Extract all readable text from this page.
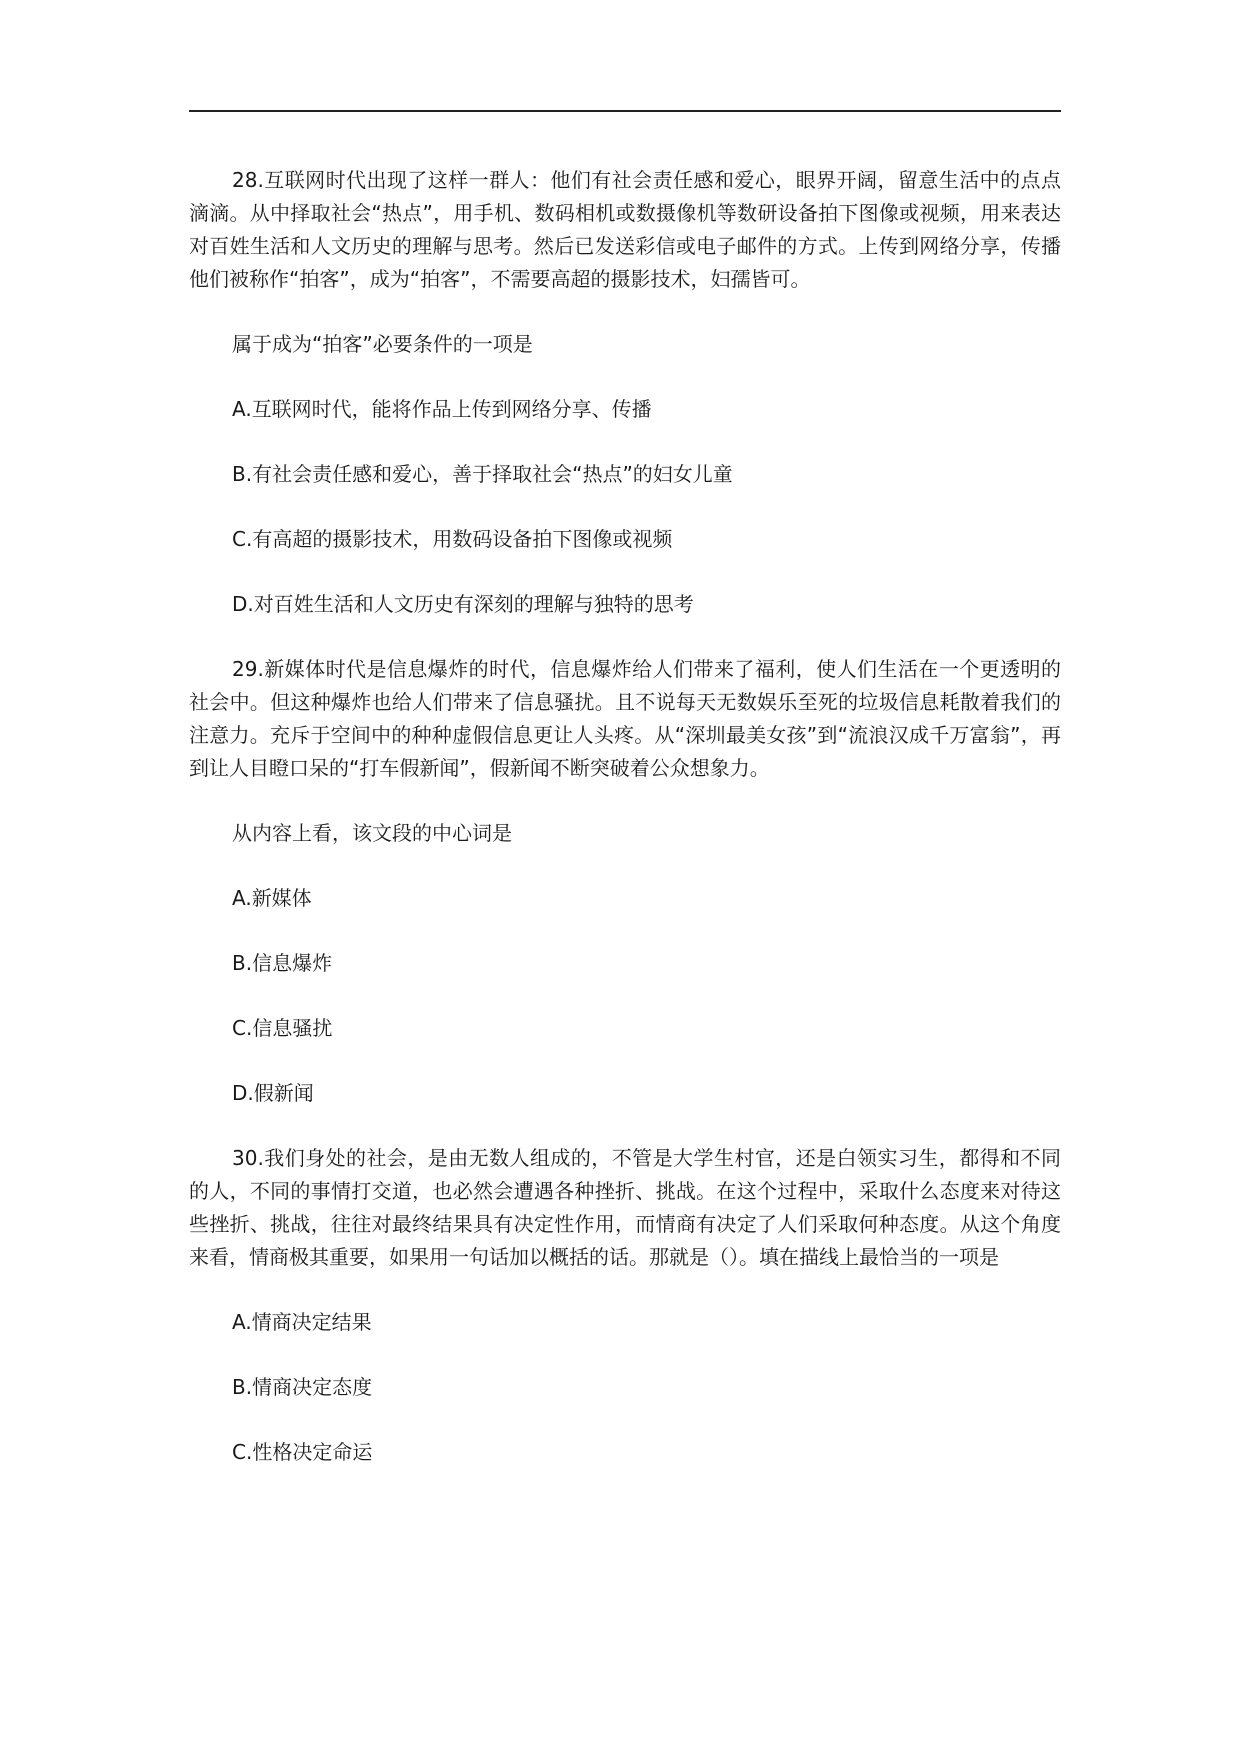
28.互联网时代出现了这样一群人：他们有社会责任感和爱心，眼界开阔，留意生活中的点点滴滴。从中择取社会“热点”，用手机、数码相机或数摄像机等数研设备拍下图像或视频，用来表达对百姓生活和人文历史的理解与思考。然后已发送彩信或电子邮件的方式。上传到网络分享，传播他们被称作“拍客”，成为“拍客”，不需要高超的摄影技术，妇孺皆可。

属于成为“拍客”必要条件的一项是

A.互联网时代，能将作品上传到网络分享、传播

B.有社会责任感和爱心，善于择取社会“热点”的妇女儿童

C.有高超的摄影技术，用数码设备拍下图像或视频

D.对百姓生活和人文历史有深刻的理解与独特的思考

29.新媒体时代是信息爆炸的时代，信息爆炸给人们带来了福利，使人们生活在一个更透明的社会中。但这种爆炸也给人们带来了信息骚扰。且不说每天无数娱乐至死的垃圾信息耗散着我们的注意力。充斥于空间中的种种虚假信息更让人头疼。从“深圳最美女孩”到“流浪汉成千万富翁”，再到让人目瞪口呆的“打车假新闻”，假新闻不断突破着公众想象力。

从内容上看，该文段的中心词是

A.新媒体

B.信息爆炸

C.信息骚扰

D.假新闻

30.我们身处的社会，是由无数人组成的，不管是大学生村官，还是白领实习生，都得和不同的人，不同的事情打交道，也必然会遭遇各种挫折、挑战。在这个过程中，采取什么态度来对待这些挫折、挑战，往往对最终结果具有决定性作用，而情商有决定了人们采取何种态度。从这个角度来看，情商极其重要，如果用一句话加以概括的话。那就是（）。填在描线上最恰当的一项是

A.情商决定结果

B.情商决定态度

C.性格决定命运
